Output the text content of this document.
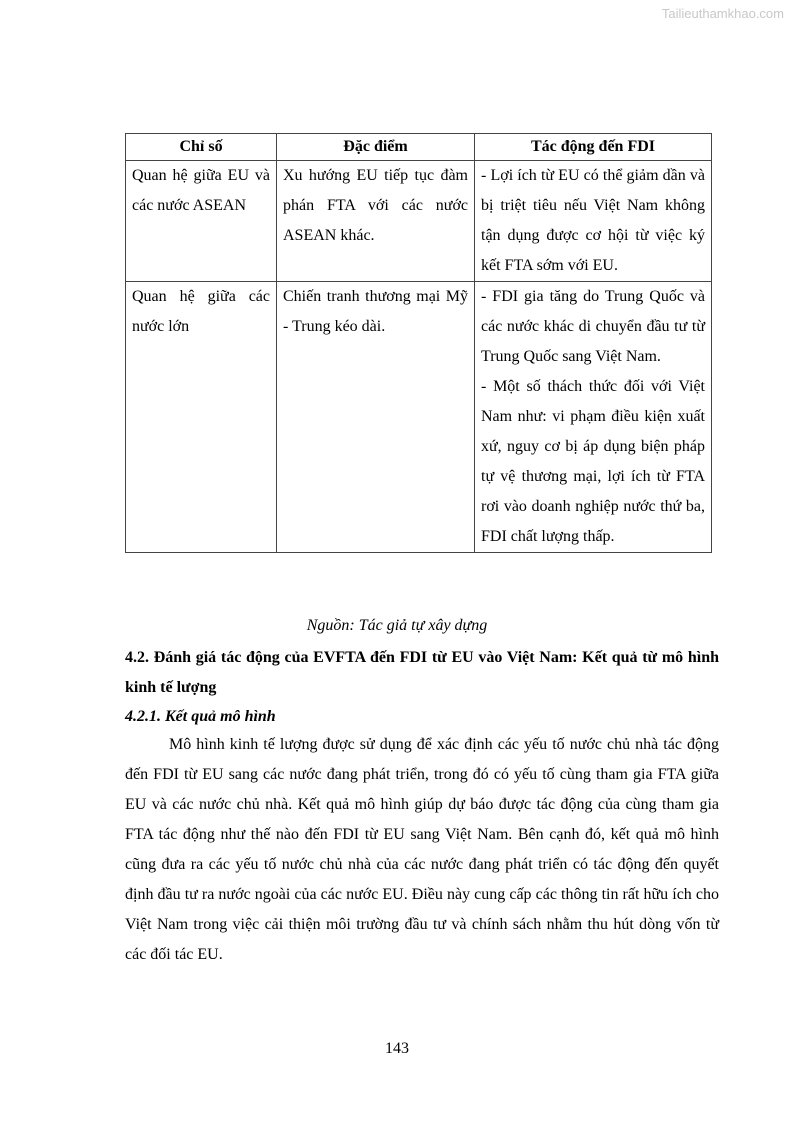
Tailieuthamkhao.com
Chỉ số	Đặc điểm	Tác động đến FDI
Quan hệ giữa EU và các nước ASEAN	Xu hướng EU tiếp tục đàm phán FTA với các nước ASEAN khác.	- Lợi ích từ EU có thể giảm dần và bị triệt tiêu nếu Việt Nam không tận dụng được cơ hội từ việc ký kết FTA sớm với EU.

Quan hệ giữa các nước lớn	Chiến tranh thương mại Mỹ - Trung kéo dài.	- FDI gia tăng do Trung Quốc và các nước khác di chuyển đầu tư từ Trung Quốc sang Việt Nam.
- Một số thách thức đối với Việt Nam như: vi phạm điều kiện xuất xứ, nguy cơ bị áp dụng biện pháp tự vệ thương mại, lợi ích từ FTA rơi vào doanh nghiệp nước thứ ba, FDI chất lượng thấp.
Nguồn: Tác giả tự xây dựng
4.2. Đánh giá tác động của EVFTA đến FDI từ EU vào Việt Nam: Kết quả từ mô hình kinh tế lượng
4.2.1. Kết quả mô hình
Mô hình kinh tế lượng được sử dụng để xác định các yếu tố nước chủ nhà tác động đến FDI từ EU sang các nước đang phát triển, trong đó có yếu tố cùng tham gia FTA giữa EU và các nước chủ nhà. Kết quả mô hình giúp dự báo được tác động của cùng tham gia FTA tác động như thế nào đến FDI từ EU sang Việt Nam. Bên cạnh đó, kết quả mô hình cũng đưa ra các yếu tố nước chủ nhà của các nước đang phát triển có tác động đến quyết định đầu tư ra nước ngoài của các nước EU. Điều này cung cấp các thông tin rất hữu ích cho Việt Nam trong việc cải thiện môi trường đầu tư và chính sách nhằm thu hút dòng vốn từ các đối tác EU.
143
